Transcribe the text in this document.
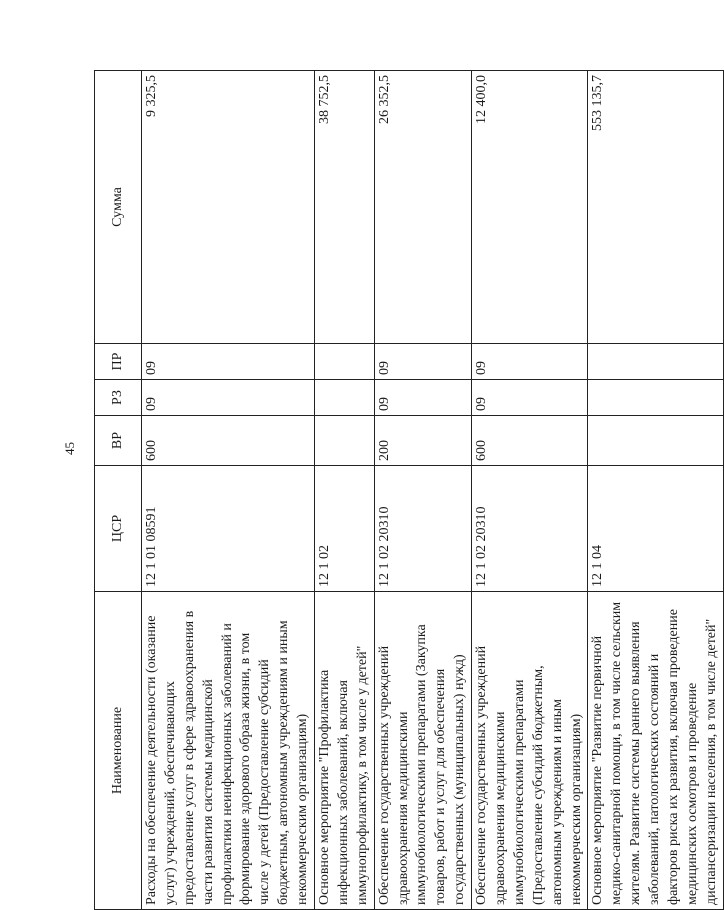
45
Наименование	ЦСР	ВР	РЗ	ПР	Сумма
Расходы на обеспечение деятельности (оказание услуг) учреждений, обеспечивающих предоставление услуг в сфере здравоохранения в части развития системы медицинской профилактики неинфекционных заболеваний и формирование здорового образа жизни, в том числе у детей (Предоставление субсидий бюджетным, автономным учреждениям и иным некоммерческим организациям)	12 1 01 08591	600	09	09	9 325,5
Основное мероприятие "Профилактика инфекционных заболеваний, включая иммунопрофилактику, в том числе у детей"	12 1 02				38 752,5
Обеспечение государственных учреждений здравоохранения медицинскими иммунобиологическими препаратами (Закупка товаров, работ и услуг для обеспечения государственных (муниципальных) нужд)	12 1 02 20310	200	09	09	26 352,5
Обеспечение государственных учреждений здравоохранения медицинскими иммунобиологическими препаратами (Предоставление субсидий бюджетным, автономным учреждениям и иным некоммерческим организациям)	12 1 02 20310	600	09	09	12 400,0
Основное мероприятие "Развитие первичной медико-санитарной помощи, в том числе сельским жителям. Развитие системы раннего выявления заболеваний, патологических состояний и факторов риска их развития, включая проведение медицинских осмотров и проведение диспансеризации населения, в том числе детей"	12 1 04				553 135,7
